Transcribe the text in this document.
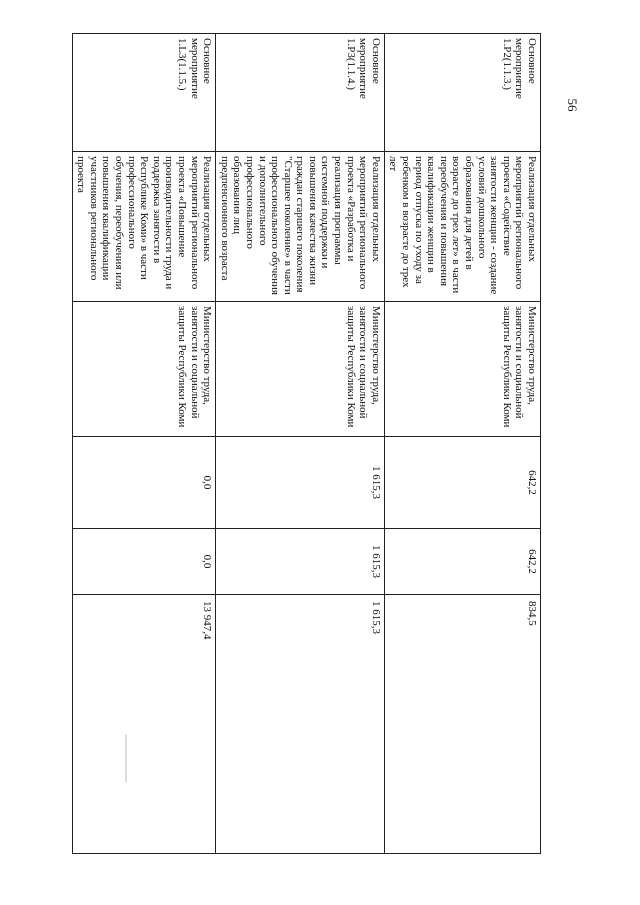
56
Основное мероприятие 1.P2(1.1.3.)	Реализация отдельных мероприятий регионального проекта «Содействие занятости женщин - создание условий дошкольного образования для детей в возрасте до трех лет» в части переобучения и повышения квалификации женщин в период отпуска по уходу за ребенком в возрасте до трех лет	Министерство труда, занятости и социальной защиты Республики Коми	642,2	642,2	834,5
Основное мероприятие 1.P3(1.1.4.)	Реализация отдельных мероприятий регионального проекта «Разработка и реализация программы системной поддержки и повышения качества жизни граждан старшего поколения "Старшее поколение» в части профессионального обучения и дополнительного профессионального образования лиц предпенсионного возраста	Министерство труда, занятости и социальной защиты Республики Коми	1 615,3	1 615,3	1 615,3
Основное мероприятие 1.L3(1.1.5.)	Реализация отдельных мероприятий регионального проекта «Повышение производительности труда и поддержка занятости в Республике Коми» в части профессионального обучения, переобучения или повышения квалификации участников регионального проекта	Министерство труда, занятости и социальной защиты Республики Коми	0,0	0,0	13 947,4
